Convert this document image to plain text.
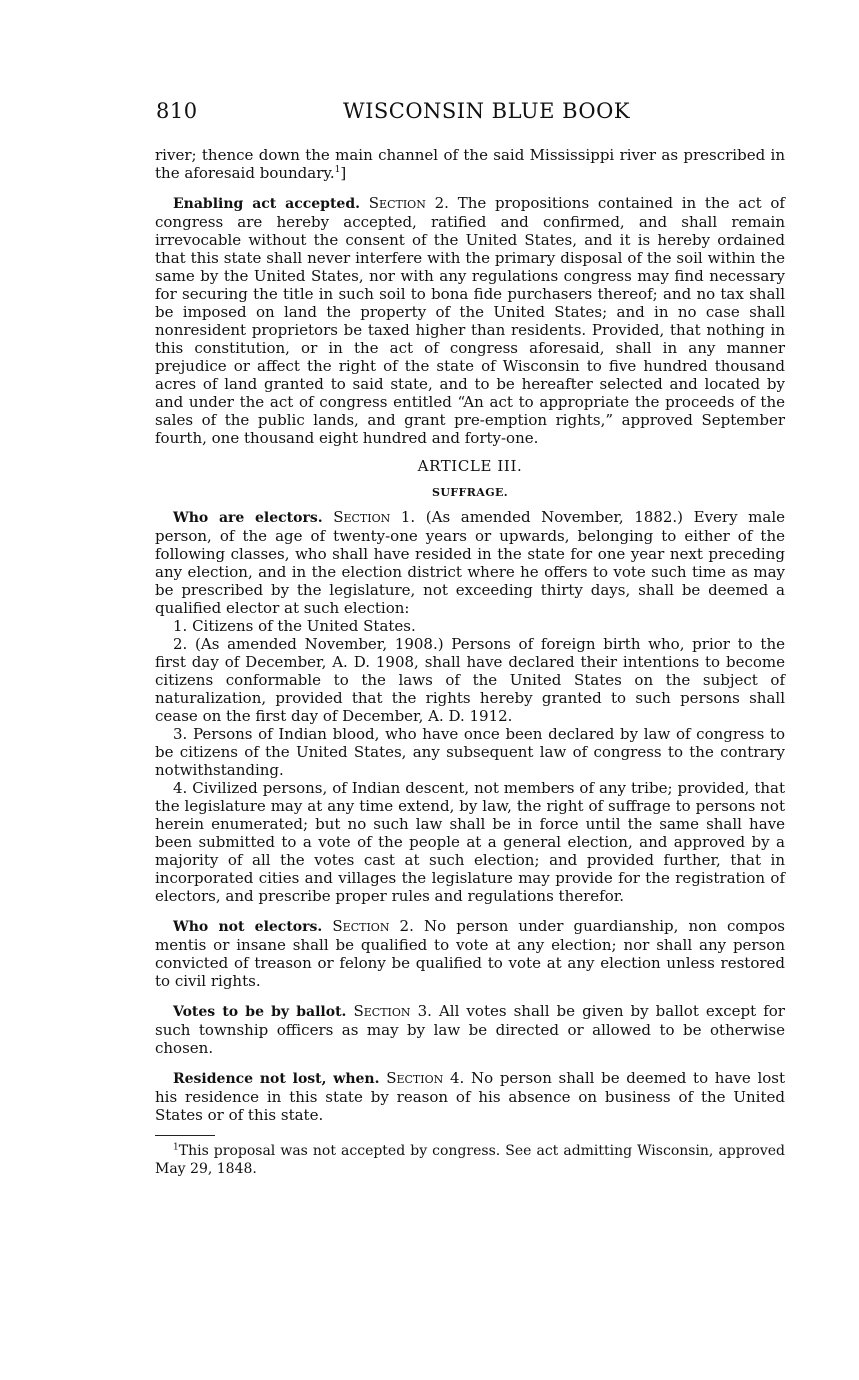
810	WISCONSIN BLUE BOOK

river; thence down the main channel of the said Mississippi river as prescribed in the aforesaid boundary.$^1$]

Enabling act accepted. Section 2. The propositions contained in the act of congress are hereby accepted, ratified and confirmed, and shall remain irrevocable without the consent of the United States, and it is hereby ordained that this state shall never interfere with the primary disposal of the soil within the same by the United States, nor with any regulations congress may find necessary for securing the title in such soil to bona fide purchasers thereof; and no tax shall be imposed on land the property of the United States; and in no case shall nonresident proprietors be taxed higher than residents. Provided, that nothing in this constitution, or in the act of congress aforesaid, shall in any manner prejudice or affect the right of the state of Wisconsin to five hundred thousand acres of land granted to said state, and to be hereafter selected and located by and under the act of congress entitled “An act to appropriate the proceeds of the sales of the public lands, and grant pre-emption rights,” approved September fourth, one thousand eight hundred and forty-one.

ARTICLE III.

SUFFRAGE.

Who are electors. Section 1. (As amended November, 1882.) Every male person, of the age of twenty-one years or upwards, belonging to either of the following classes, who shall have resided in the state for one year next preceding any election, and in the election district where he offers to vote such time as may be prescribed by the legislature, not exceeding thirty days, shall be deemed a qualified elector at such election:

1. Citizens of the United States.

2. (As amended November, 1908.) Persons of foreign birth who, prior to the first day of December, A. D. 1908, shall have declared their intentions to become citizens conformable to the laws of the United States on the subject of naturalization, provided that the rights hereby granted to such persons shall cease on the first day of December, A. D. 1912.

3. Persons of Indian blood, who have once been declared by law of congress to be citizens of the United States, any subsequent law of congress to the contrary notwithstanding.

4. Civilized persons, of Indian descent, not members of any tribe; provided, that the legislature may at any time extend, by law, the right of suffrage to persons not herein enumerated; but no such law shall be in force until the same shall have been submitted to a vote of the people at a general election, and approved by a majority of all the votes cast at such election; and provided further, that in incorporated cities and villages the legislature may provide for the registration of electors, and prescribe proper rules and regulations therefor.

Who not electors. Section 2. No person under guardianship, non compos mentis or insane shall be qualified to vote at any election; nor shall any person convicted of treason or felony be qualified to vote at any election unless restored to civil rights.

Votes to be by ballot. Section 3. All votes shall be given by ballot except for such township officers as may by law be directed or allowed to be otherwise chosen.

Residence not lost, when. Section 4. No person shall be deemed to have lost his residence in this state by reason of his absence on business of the United States or of this state.

$^1$This proposal was not accepted by congress. See act admitting Wisconsin, approved May 29, 1848.
